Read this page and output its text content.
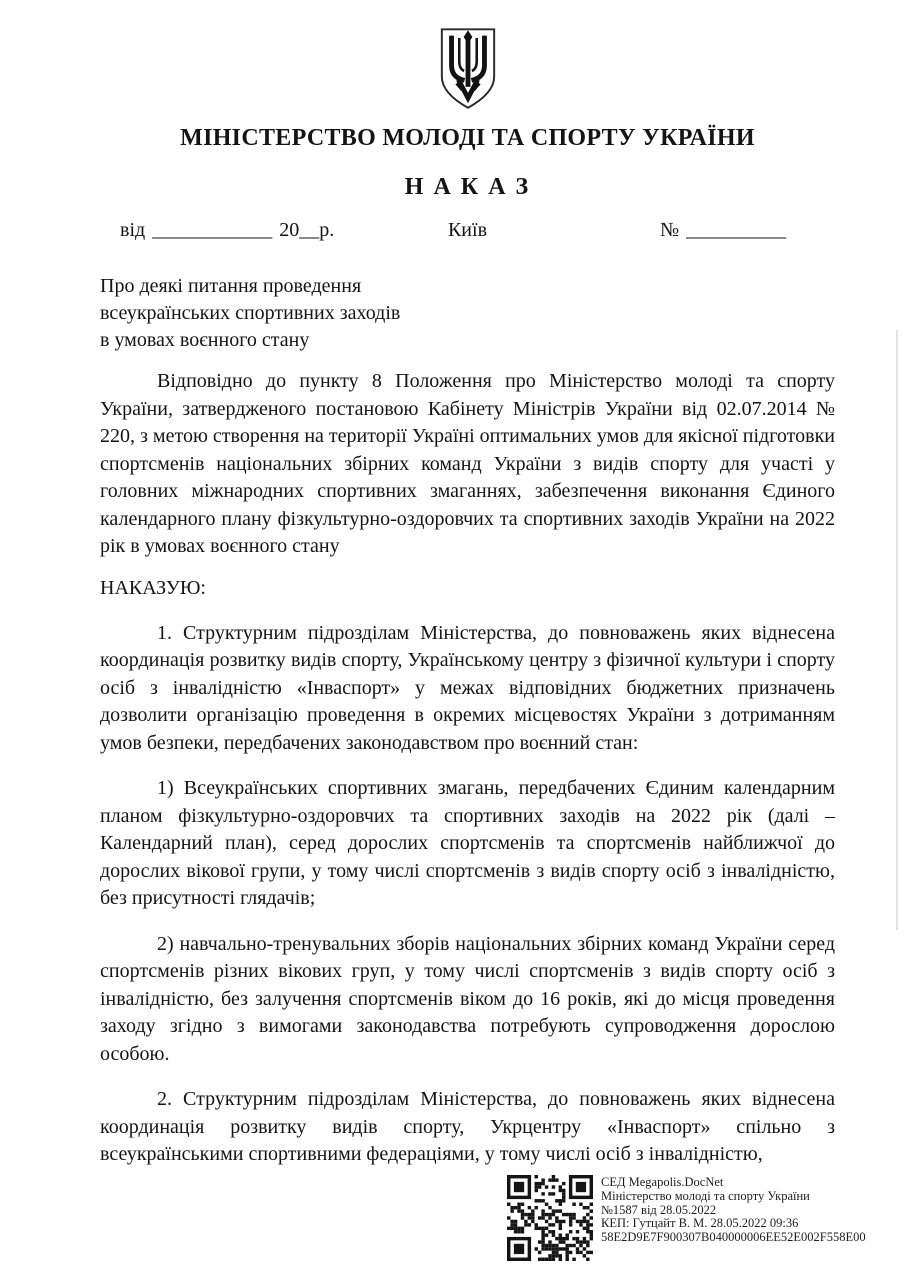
МІНІСТЕРСТВО МОЛОДІ ТА СПОРТУ УКРАЇНИ
Н А К А З
від ____________ 20__р.	Київ	№ __________
Про деякі питання проведення
всеукраїнських спортивних заходів
в умовах воєнного стану

Відповідно до пункту 8 Положення про Міністерство молоді та спорту України, затвердженого постановою Кабінету Міністрів України від 02.07.2014 № 220, з метою створення на території Україні оптимальних умов для якісної підготовки спортсменів національних збірних команд України з видів спорту для участі у головних міжнародних спортивних змаганнях, забезпечення виконання Єдиного календарного плану фізкультурно-оздоровчих та спортивних заходів України на 2022 рік в умовах воєнного стану

НАКАЗУЮ:

1. Структурним підрозділам Міністерства, до повноважень яких віднесена координація розвитку видів спорту, Українському центру з фізичної культури і спорту осіб з інвалідністю «Інваспорт» у межах відповідних бюджетних призначень дозволити організацію проведення в окремих місцевостях України з дотриманням умов безпеки, передбачених законодавством про воєнний стан:

1) Всеукраїнських спортивних змагань, передбачених Єдиним календарним планом фізкультурно-оздоровчих та спортивних заходів на 2022 рік (далі – Календарний план), серед дорослих спортсменів та спортсменів найближчої до дорослих вікової групи, у тому числі спортсменів з видів спорту осіб з інвалідністю, без присутності глядачів;

2) навчально-тренувальних зборів національних збірних команд України серед спортсменів різних вікових груп, у тому числі спортсменів з видів спорту осіб з інвалідністю, без залучення спортсменів віком до 16 років, які до місця проведення заходу згідно з вимогами законодавства потребують супроводження дорослою особою.

2. Структурним підрозділам Міністерства, до повноважень яких віднесена координація розвитку видів спорту, Укрцентру «Інваспорт» спільно з всеукраїнськими спортивними федераціями, у тому числі осіб з інвалідністю,

СЕД Megapolis.DocNet
Міністерство молоді та спорту України
№1587 від 28.05.2022
КЕП: Гутцайт В. М. 28.05.2022 09:36
58E2D9E7F900307B040000006EE52E002F558E00
